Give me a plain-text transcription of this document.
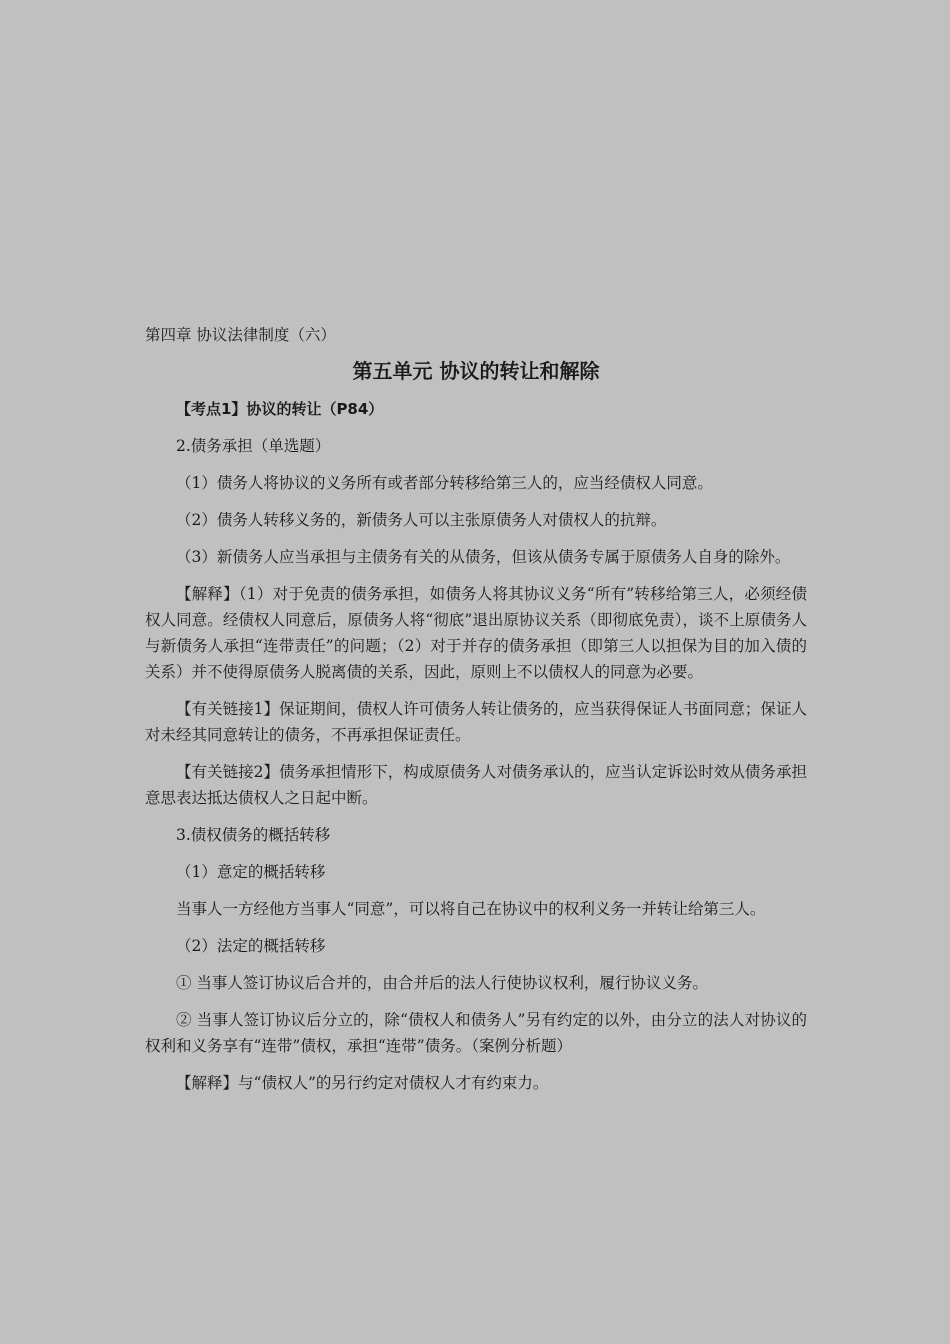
第四章 协议法律制度（六）
第五单元 协议的转让和解除
【考点1】协议的转让（P84）
2.债务承担（单选题）
（1）债务人将协议的义务所有或者部分转移给第三人的，应当经债权人同意。
（2）债务人转移义务的，新债务人可以主张原债务人对债权人的抗辩。
（3）新债务人应当承担与主债务有关的从债务，但该从债务专属于原债务人自身的除外。
【解释】（1）对于免责的债务承担，如债务人将其协议义务“所有”转移给第三人，必须经债权人同意。经债权人同意后，原债务人将“彻底”退出原协议关系（即彻底免责），谈不上原债务人与新债务人承担“连带责任”的问题；（2）对于并存的债务承担（即第三人以担保为目的加入债的关系）并不使得原债务人脱离债的关系，因此，原则上不以债权人的同意为必要。
【有关链接1】保证期间，债权人许可债务人转让债务的，应当获得保证人书面同意；保证人对未经其同意转让的债务，不再承担保证责任。
【有关链接2】债务承担情形下，构成原债务人对债务承认的，应当认定诉讼时效从债务承担意思表达抵达债权人之日起中断。
3.债权债务的概括转移
（1）意定的概括转移
当事人一方经他方当事人“同意”，可以将自己在协议中的权利义务一并转让给第三人。
（2）法定的概括转移
① 当事人签订协议后合并的，由合并后的法人行使协议权利，履行协议义务。
② 当事人签订协议后分立的，除“债权人和债务人”另有约定的以外，由分立的法人对协议的权利和义务享有“连带”债权，承担“连带”债务。（案例分析题）
【解释】与“债权人”的另行约定对债权人才有约束力。
